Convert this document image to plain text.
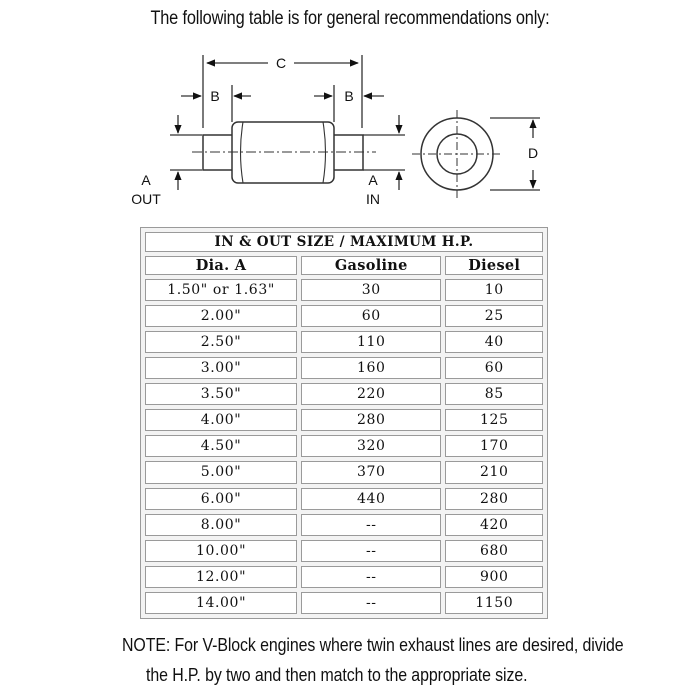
The following table is for general recommendations only:
C
B	B
A
OUT
A
IN
D
IN & OUT SIZE / MAXIMUM H.P.		
Dia. A	Gasoline	Diesel
1.50" or 1.63"	30	10
2.00"	60	25
2.50"	110	40
3.00"	160	60
3.50"	220	85
4.00"	280	125
4.50"	320	170
5.00"	370	210
6.00"	440	280
8.00"	--	420
10.00"	--	680
12.00"	--	900
14.00"	--	1150
NOTE: For V-Block engines where twin exhaust lines are desired, divide
the H.P. by two and then match to the appropriate size.
